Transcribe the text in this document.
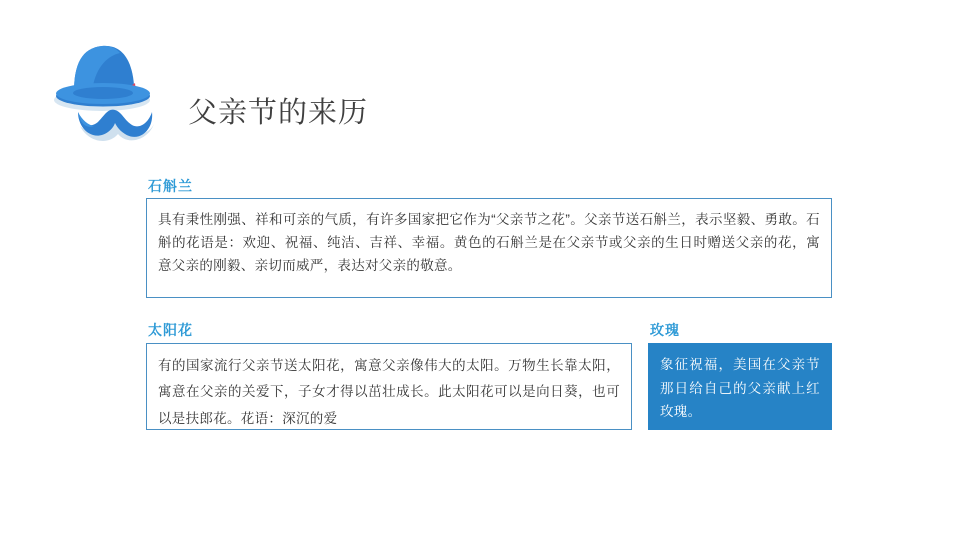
父亲节的来历
石斛兰

具有秉性刚强、祥和可亲的气质，有许多国家把它作为“父亲节之花”。父亲节送石斛兰，表示坚毅、勇敢。石斛的花语是：欢迎、祝福、纯洁、吉祥、幸福。黄色的石斛兰是在父亲节或父亲的生日时赠送父亲的花，寓意父亲的刚毅、亲切而威严，表达对父亲的敬意。

太阳花

有的国家流行父亲节送太阳花，寓意父亲像伟大的太阳。万物生长靠太阳，寓意在父亲的关爱下，子女才得以茁壮成长。此太阳花可以是向日葵，也可以是扶郎花。花语：深沉的爱

玫瑰

象征祝福，美国在父亲节那日给自己的父亲献上红玫瑰。
